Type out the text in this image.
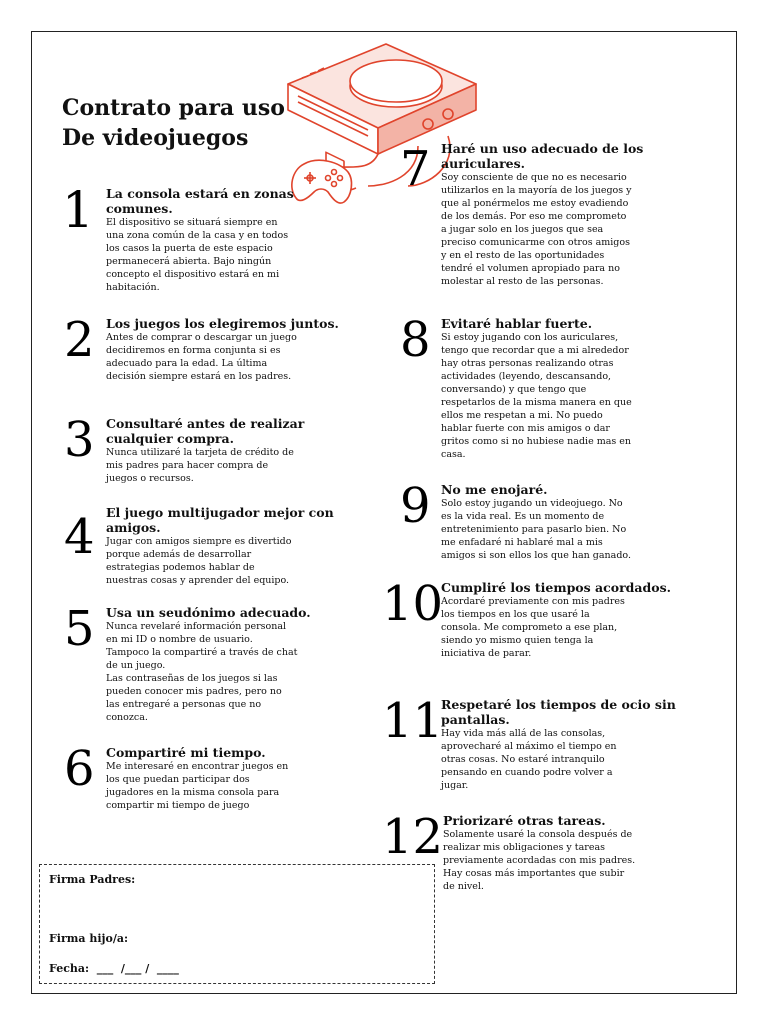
Contrato para uso
De videojuegos
1 La consola estará en zonas comunes.

El dispositivo se situará siempre en
una zona común de la casa y en todos
los casos la puerta de este espacio
permanecerá abierta. Bajo ningún
concepto el dispositivo estará en mi
habitación.

2 Los juegos los elegiremos juntos.

Antes de comprar o descargar un juego
decidiremos en forma conjunta si es
adecuado para la edad. La última
decisión siempre estará en los padres.

3 Consultaré antes de realizar cualquier compra.

Nunca utilizaré la tarjeta de crédito de
mis padres para hacer compra de
juegos o recursos.

4 El juego multijugador mejor con amigos.

Jugar con amigos siempre es divertido
porque además de desarrollar
estrategias podemos hablar de
nuestras cosas y aprender del equipo.

5 Usa un seudónimo adecuado.

Nunca revelaré información personal
en mi ID o nombre de usuario.
Tampoco la compartiré a través de chat
de un juego.
Las contraseñas de los juegos si las
pueden conocer mis padres, pero no
las entregaré a personas que no
conozca.

6 Compartiré mi tiempo.

Me interesaré en encontrar juegos en
los que puedan participar dos
jugadores en la misma consola para
compartir mi tiempo de juego

7 Haré un uso adecuado de los auriculares.

Soy consciente de que no es necesario
utilizarlos en la mayoría de los juegos y
que al ponérmelos me estoy evadiendo
de los demás. Por eso me comprometo
a jugar solo en los juegos que sea
preciso comunicarme con otros amigos
y en el resto de las oportunidades
tendré el volumen apropiado para no
molestar al resto de las personas.

8 Evitaré hablar fuerte.

Si estoy jugando con los auriculares,
tengo que recordar que a mi alrededor
hay otras personas realizando otras
actividades (leyendo, descansando,
conversando) y que tengo que
respetarlos de la misma manera en que
ellos me respetan a mi. No puedo
hablar fuerte con mis amigos o dar
gritos como si no hubiese nadie mas en
casa.

9 No me enojaré.

Solo estoy jugando un videojuego. No
es la vida real. Es un momento de
entretenimiento para pasarlo bien. No
me enfadaré ni hablaré mal a mis
amigos si son ellos los que han ganado.

10

Cumpliré los tiempos acordados.

Acordaré previamente con mis padres
los tiempos en los que usaré la
consola. Me comprometo a ese plan,
siendo yo mismo quien tenga la
iniciativa de parar.

11

Respetaré los tiempos de ocio sin pantallas.

Hay vida más allá de las consolas,
aprovecharé al máximo el tiempo en
otras cosas. No estaré intranquilo
pensando en cuando podre volver a
jugar.

12 Priorizaré otras tareas.

Solamente usaré la consola después de
realizar mis obligaciones y tareas
previamente acordadas con mis padres.
Hay cosas más importantes que subir
de nivel.

Firma Padres:
Firma hijo/a:
Fecha:  ___  /___ /  ____
